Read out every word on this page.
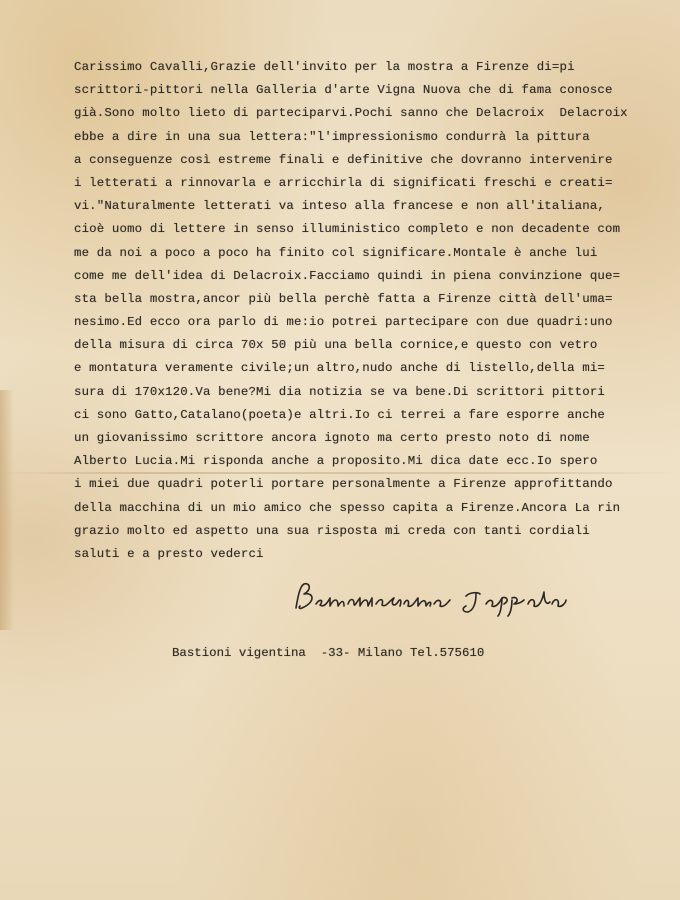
Carissimo Cavalli,Grazie dell'invito per la mostra a Firenze di=pi
scrittori-pittori nella Galleria d'arte Vigna Nuova che di fama conosce
già.Sono molto lieto di parteciparvi.Pochi sanno che Delacroix  Delacroix
ebbe a dire in una sua lettera:"l'impressionismo condurrà la pittura
a conseguenze così estreme finali e definitive che dovranno intervenire
i letterati a rinnovarla e arricchirla di significati freschi e creati=
vi."Naturalmente letterati va inteso alla francese e non all'italiana,
cioè uomo di lettere in senso illuministico completo e non decadente com
me da noi a poco a poco ha finito col significare.Montale è anche lui
come me dell'idea di Delacroix.Facciamo quindi in piena convinzione que=
sta bella mostra,ancor più bella perchè fatta a Firenze città dell'uma=
nesimo.Ed ecco ora parlo di me:io potrei partecipare con due quadri:uno
della misura di circa 70x 50 più una bella cornice,e questo con vetro
e montatura veramente civile;un altro,nudo anche di listello,della mi=
sura di 170x120.Va bene?Mi dia notizia se va bene.Di scrittori pittori
ci sono Gatto,Catalano(poeta)e altri.Io ci terrei a fare esporre anche
un giovanissimo scrittore ancora ignoto ma certo presto noto di nome
Alberto Lucia.Mi risponda anche a proposito.Mi dica date ecc.Io spero
i miei due quadri poterli portare personalmente a Firenze approfittando
della macchina di un mio amico che spesso capita a Firenze.Ancora La rin
grazio molto ed aspetto una sua risposta mi creda con tanti cordiali
saluti e a presto vederci
Bastioni vigentina  -33- Milano Tel.575610
